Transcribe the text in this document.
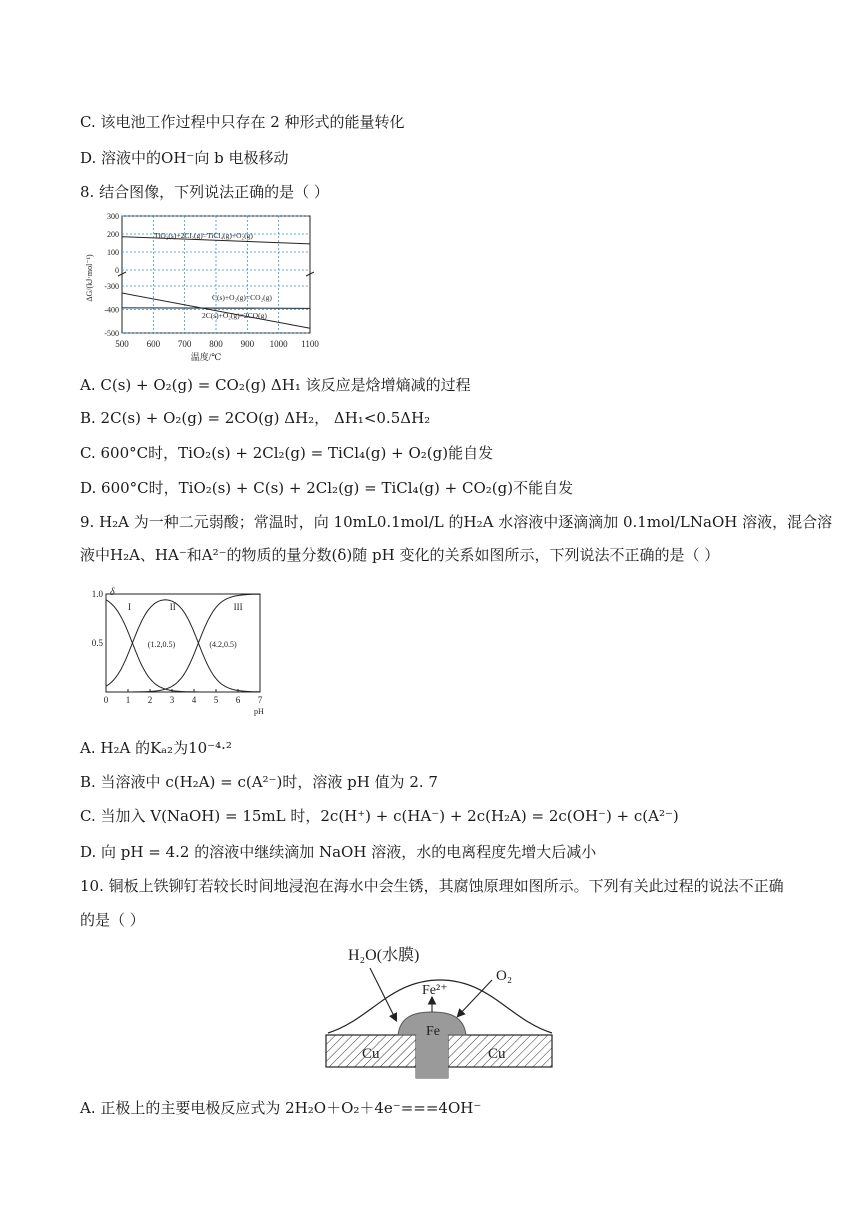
C. 该电池工作过程中只存在 2 种形式的能量转化
D. 溶液中的OH⁻向 b 电极移动
8. 结合图像，下列说法正确的是（ ）
500 600 700 800 900 1000 1100
300
200
100
0
-300
-400
-500
TiO₂(s)+2Cl₂(g)=TiCl₄(g)+O₂(g)
C(s)+O₂(g)=CO₂(g)
2C(s)+O₂(g)=2CO(g)
ΔG/(kJ·mol⁻¹)
温度/℃
A. C(s) + O₂(g) = CO₂(g) ΔH₁ 该反应是焓增熵减的过程
B. 2C(s) + O₂(g) = 2CO(g) ΔH₂， ΔH₁<0.5ΔH₂
C. 600°C时，TiO₂(s) + 2Cl₂(g) = TiCl₄(g) + O₂(g)能自发
D. 600°C时，TiO₂(s) + C(s) + 2Cl₂(g) = TiCl₄(g) + CO₂(g)不能自发
9. H₂A 为一种二元弱酸；常温时，向 10mL0.1mol/L 的H₂A 水溶液中逐滴滴加 0.1mol/LNaOH 溶液，混合溶
液中H₂A、HA⁻和A²⁻的物质的量分数(δ)随 pH 变化的关系如图所示，下列说法不正确的是（ ）
0 1 2 3 4 5 6 7
1.0
0.5
δ
pH
I	II	III
(1.2,0.5)	(4.2,0.5)
A. H₂A 的Kₐ₂为10⁻⁴·²
B. 当溶液中 c(H₂A) = c(A²⁻)时，溶液 pH 值为 2. 7
C. 当加入 V(NaOH) = 15mL 时，2c(H⁺) + c(HA⁻) + 2c(H₂A) = 2c(OH⁻) + c(A²⁻)
D. 向 pH = 4.2 的溶液中继续滴加 NaOH 溶液，水的电离程度先增大后减小
10. 铜板上铁铆钉若较长时间地浸泡在海水中会生锈，其腐蚀原理如图所示。下列有关此过程的说法不正确
的是（ ）
H₂O(水膜)
O₂
Fe²⁺
Fe
Cu	Cu
A. 正极上的主要电极反应式为 2H₂O＋O₂＋4e⁻===4OH⁻
